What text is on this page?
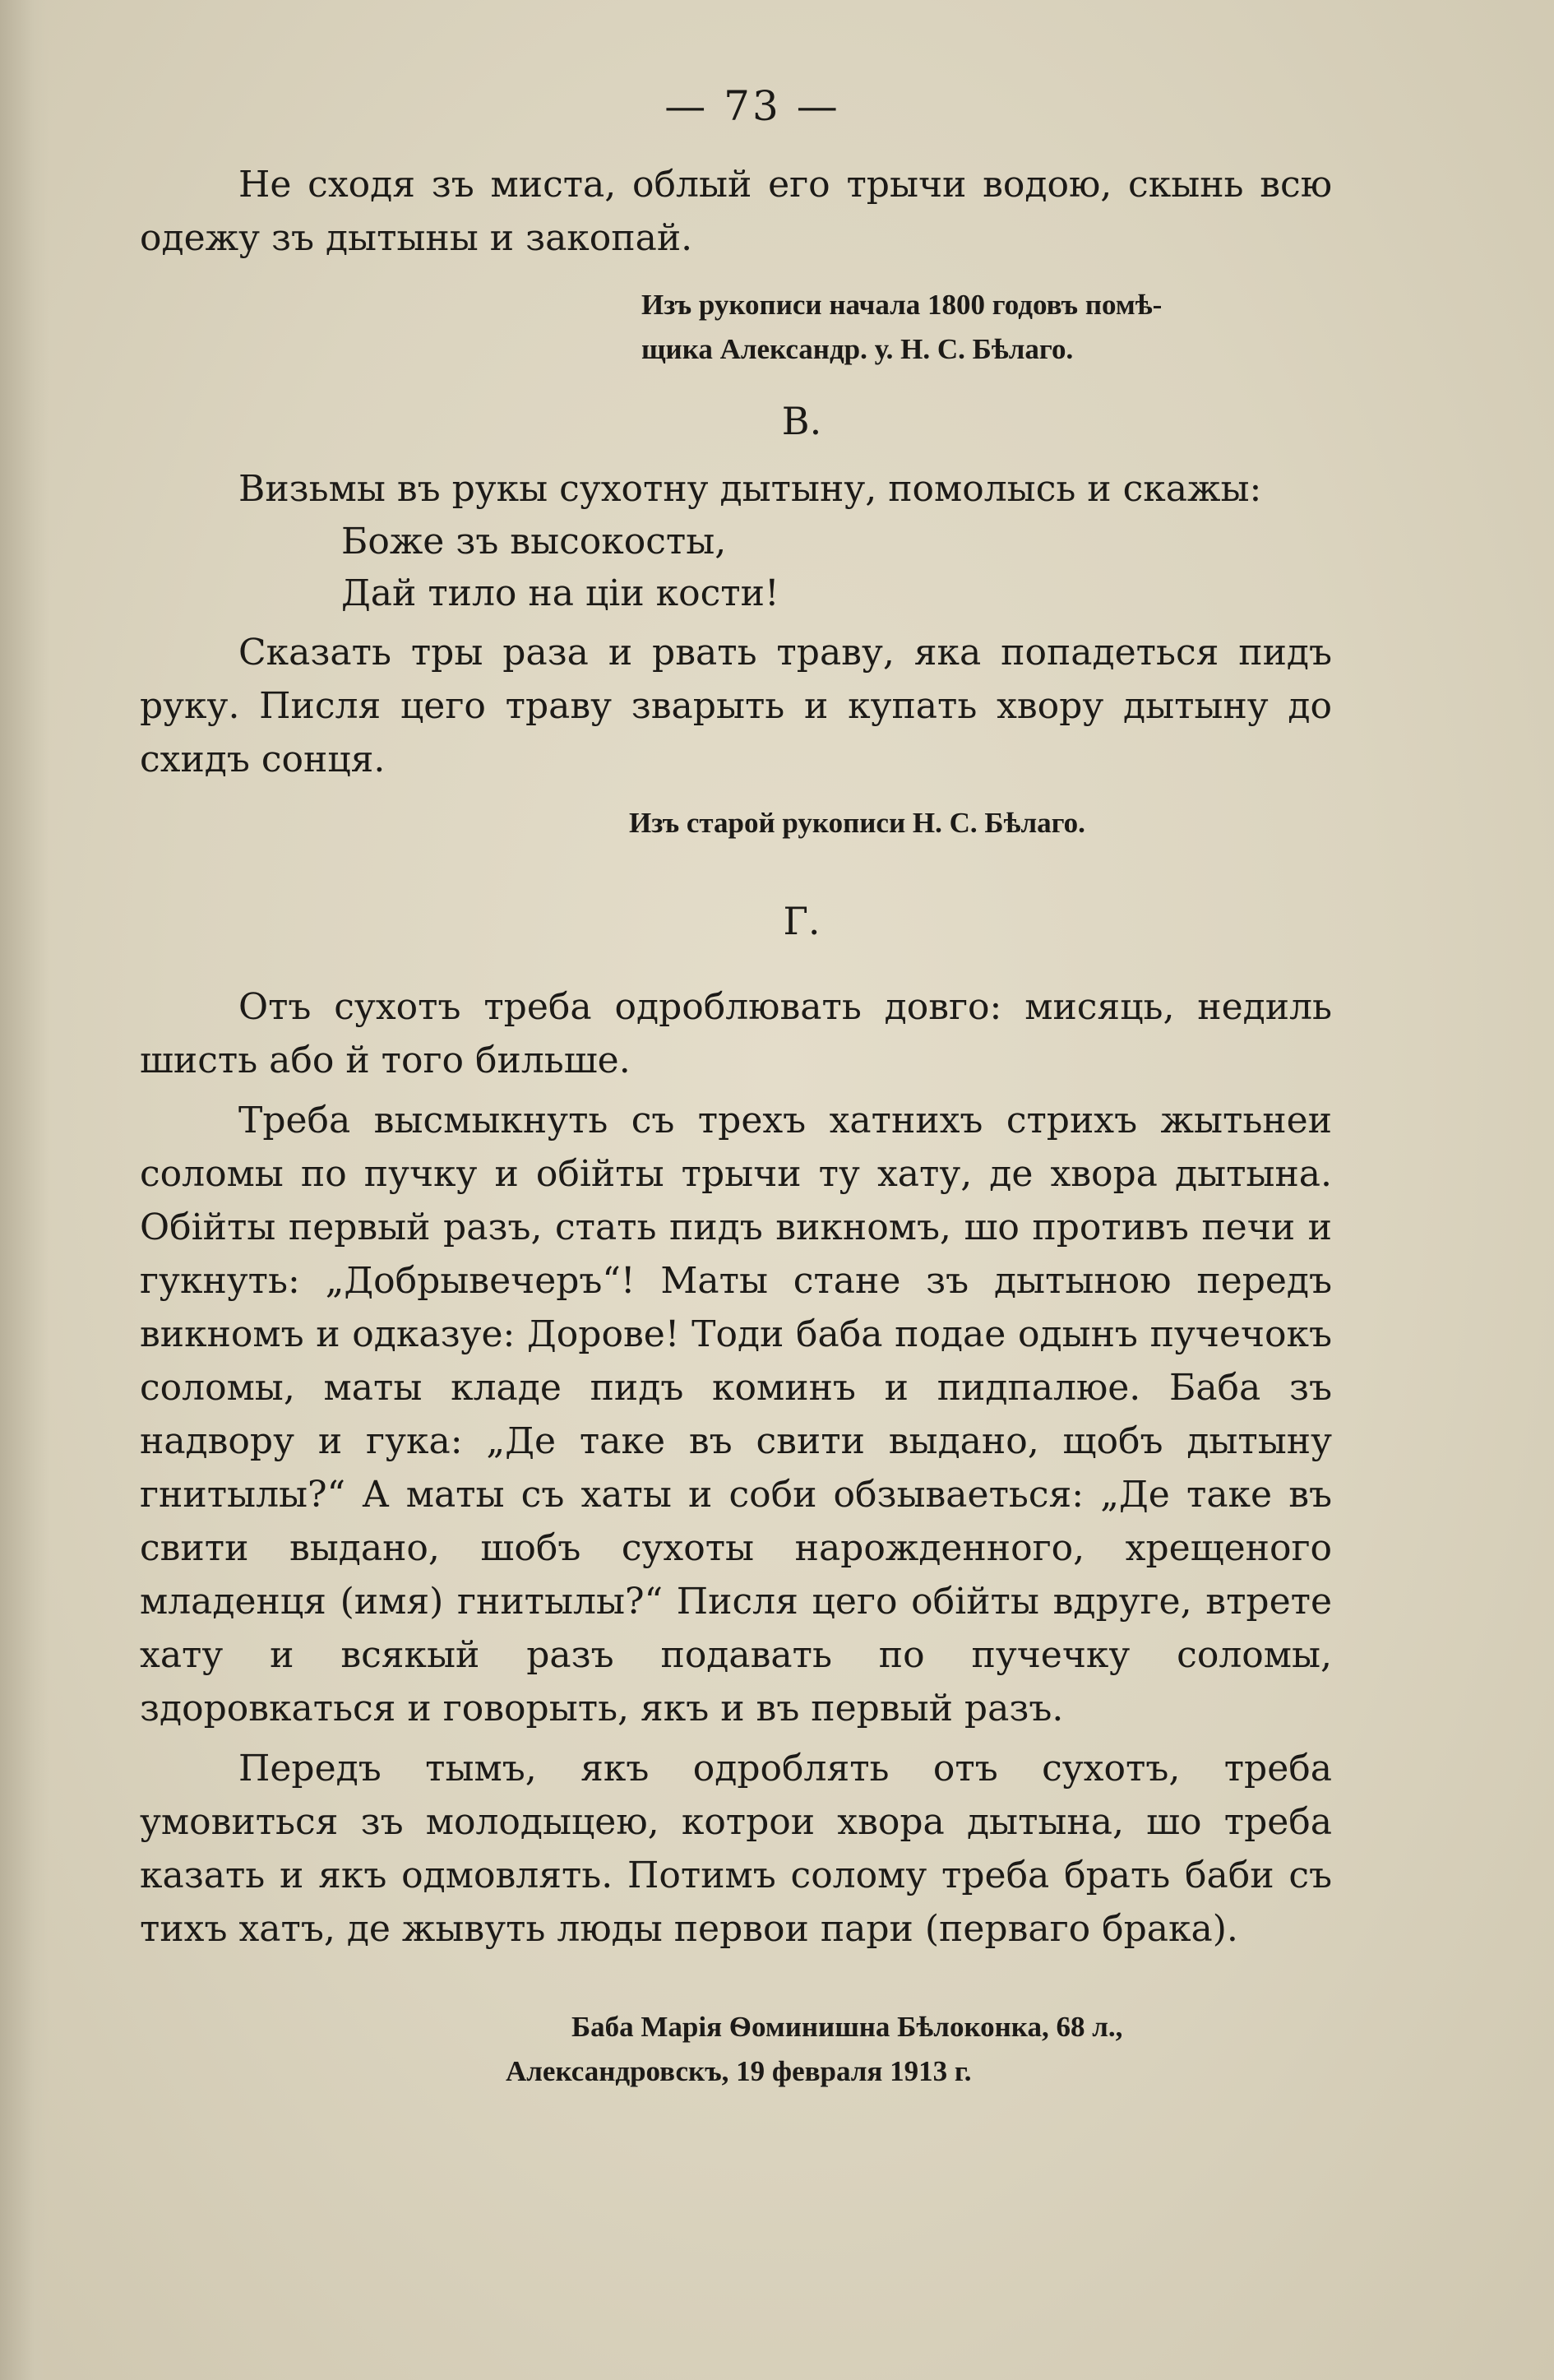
— 73 —

Не сходя зъ миста, облый его трычи водою, скынь всю одежу зъ дытыны и закопай.

Изъ рукописи начала 1800 годовъ помѣ-
щика Александр. у. Н. С. Бѣлаго.
В.

Визьмы въ рукы сухотну дытыну, помолысь и скажы:

Боже зъ высокосты,
Дай тило на ціи кости!

Сказать тры раза и рвать траву, яка попадеться пидъ руку. Писля цего траву зварыть и купать хвору дытыну до схидъ сонця.

Изъ старой рукописи Н. С. Бѣлаго.
Г.

Отъ сухотъ треба одроблювать довго: мисяць, недиль шисть або й того бильше.

Треба высмыкнуть съ трехъ хатнихъ стрихъ жытьнеи соломы по пучку и обійты трычи ту хату, де хвора дытына. Обійты первый разъ, стать пидъ викномъ, шо противъ печи и гукнуть: „Добрывечеръ“! Маты стане зъ дытыною передъ викномъ и одказуе: Дорове! Тоди баба подае одынъ пучечокъ соломы, маты кладе пидъ коминъ и пидпалюе. Баба зъ надвору и гука: „Де таке въ свити выдано, щобъ дытыну гнитылы?“ А маты съ хаты и соби обзываеться: „Де таке въ свити выдано, шобъ сухоты нарожденного, хрещеного младенця (имя) гнитылы?“ Писля цего обійты вдруге, втрете хату и всякый разъ подавать по пучечку соломы, здоровкаться и говорыть, якъ и въ первый разъ.

Передъ тымъ, якъ одроблять отъ сухотъ, треба умовиться зъ молодыцею, котрои хвора дытына, шо треба казать и якъ одмовлять. Потимъ солому треба брать баби съ тихъ хатъ, де жывуть люды первои пари (перваго брака).

Баба Марія Ѳоминишна Бѣлоконка, 68 л.,
Александровскъ, 19 февраля 1913 г.
